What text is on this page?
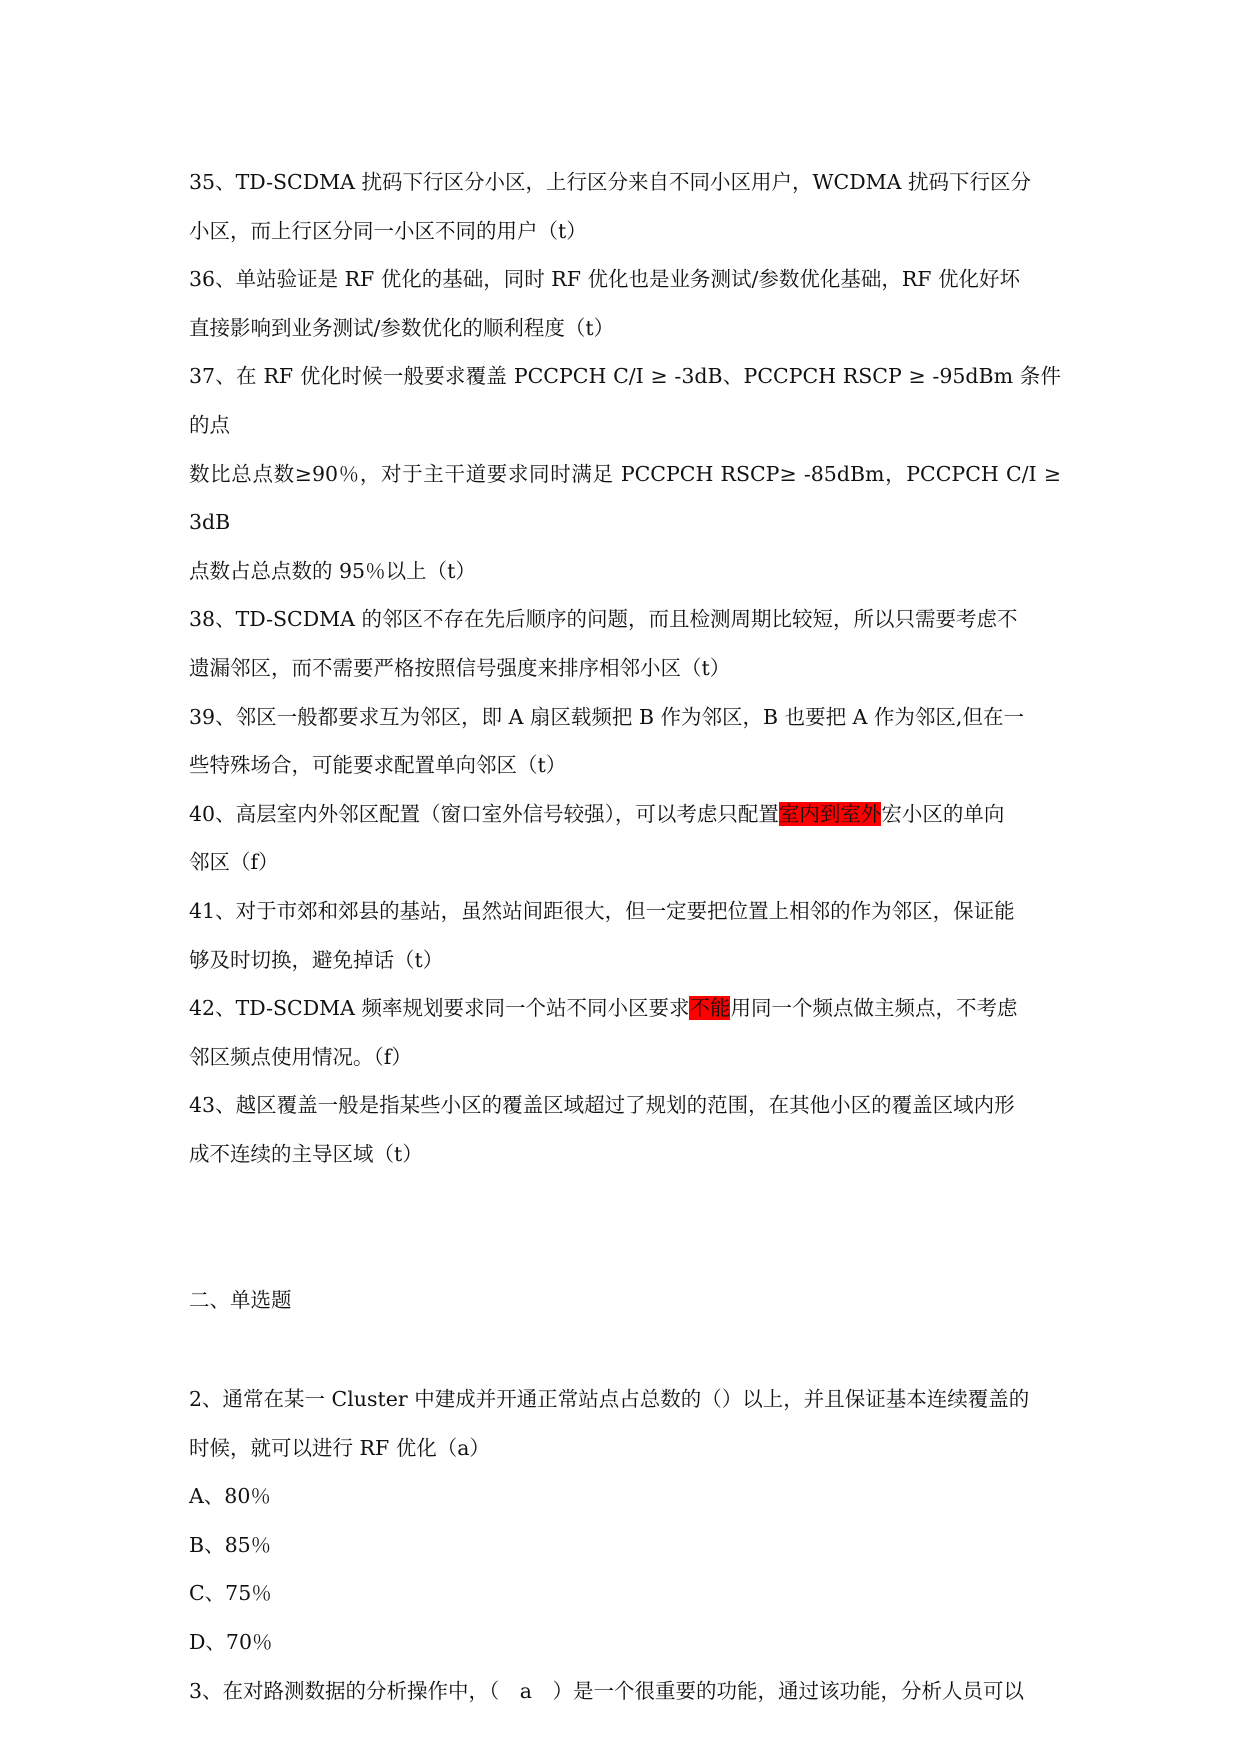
35、TD-SCDMA 扰码下行区分小区，上行区分来自不同小区用户，WCDMA 扰码下行区分
小区，而上行区分同一小区不同的用户（t）
36、单站验证是 RF 优化的基础，同时 RF 优化也是业务测试/参数优化基础，RF 优化好坏
直接影响到业务测试/参数优化的顺利程度（t）
37、在 RF 优化时候一般要求覆盖 PCCPCH C/I ≥ -3dB、PCCPCH RSCP ≥ -95dBm 条件的点
数比总点数≥90％，对于主干道要求同时满足 PCCPCH RSCP≥ -85dBm，PCCPCH C/I ≥ 3dB
点数占总点数的 95％以上（t）
38、TD-SCDMA 的邻区不存在先后顺序的问题，而且检测周期比较短，所以只需要考虑不
遗漏邻区，而不需要严格按照信号强度来排序相邻小区（t）
39、邻区一般都要求互为邻区，即 A 扇区载频把 B 作为邻区，B 也要把 A 作为邻区,但在一
些特殊场合，可能要求配置单向邻区（t）
40、高层室内外邻区配置（窗口室外信号较强），可以考虑只配置室内到室外宏小区的单向
邻区（f）
41、对于市郊和郊县的基站，虽然站间距很大，但一定要把位置上相邻的作为邻区，保证能
够及时切换，避免掉话（t）
42、TD-SCDMA 频率规划要求同一个站不同小区要求不能用同一个频点做主频点，不考虑
邻区频点使用情况。（f）
43、越区覆盖一般是指某些小区的覆盖区域超过了规划的范围，在其他小区的覆盖区域内形
成不连续的主导区域（t）
二、单选题
2、通常在某一 Cluster 中建成并开通正常站点占总数的（）以上，并且保证基本连续覆盖的
时候，就可以进行 RF 优化（a）
A、80％
B、85％
C、75％
D、70％
3、在对路测数据的分析操作中，（　a　）是一个很重要的功能，通过该功能，分析人员可以
